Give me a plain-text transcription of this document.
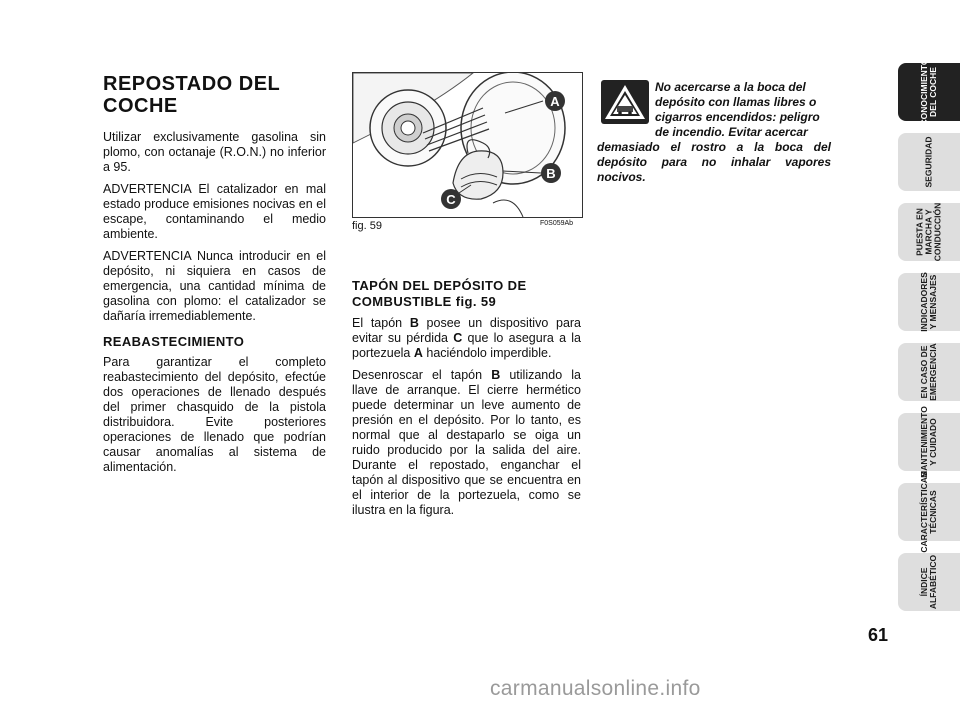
REPOSTADO DEL
COCHE

Utilizar exclusivamente gasolina sin plomo, con octanaje (R.O.N.) no inferior a 95.

ADVERTENCIA El catalizador en mal estado produce emisiones nocivas en el escape, contaminando el medio ambiente.

ADVERTENCIA Nunca introducir en el depósito, ni siquiera en casos de emergencia, una cantidad mínima de gasolina con plomo: el catalizador se dañaría irremediablemente.

REABASTECIMIENTO

Para garantizar el completo reabastecimiento del depósito, efectúe dos operaciones de llenado después del primer chasquido de la pistola distribuidora. Evite posteriores operaciones de llenado que podrían causar anomalías al sistema de alimentación.

A
B
C
fig. 59	F0S059Ab
TAPÓN DEL DEPÓSITO DE
COMBUSTIBLE fig. 59

El tapón B posee un dispositivo para evitar su pérdida C que lo asegura a la portezuela A haciéndolo imperdible.

Desenroscar el tapón B utilizando la llave de arranque. El cierre hermético puede determinar un leve aumento de presión en el depósito. Por lo tanto, es normal que al destaparlo se oiga un ruido producido por la salida del aire. Durante el repostado, enganchar el tapón al dispositivo que se encuentra en el interior de la portezuela, como se ilustra en la figura.

No acercarse a la boca del
depósito con llamas libres o
cigarros encendidos: peligro
de incendio. Evitar acercar
demasiado el rostro a la boca del depósito para no inhalar vapores nocivos.
CONOCIMIENTO
DEL COCHE
SEGURIDAD
PUESTA EN
MARCHA Y
CONDUCCIÓN
INDICADORES
Y MENSAJES
EN CASO DE
EMERGENCIA
MANTENIMIENTO
Y CUIDADO
CARACTERÍSTICAS
TÉCNICAS
ÍNDICE
ALFABÉTICO
61
carmanualsonline.info
